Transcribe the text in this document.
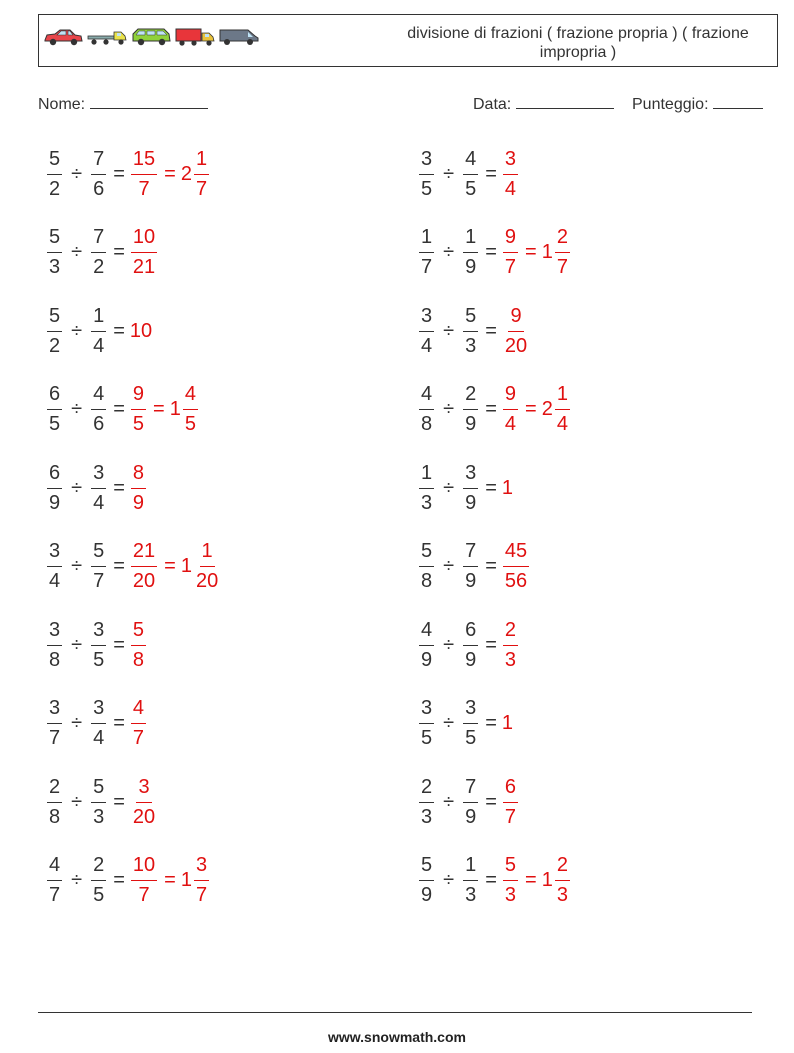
divisione di frazioni ( frazione propria ) ( frazione impropria )
Nome:	Data:	Punteggio:
$\frac{5}{2} \div \frac{7}{6} = \frac{15}{7} = 2 \frac{1}{7}$	$\frac{3}{5} \div \frac{4}{5} = \frac{3}{4}$
$\frac{5}{3} \div \frac{7}{2} = \frac{10}{21}$	$\frac{1}{7} \div \frac{1}{9} = \frac{9}{7} = 1 \frac{2}{7}$
$\frac{5}{2} \div \frac{1}{4} = 10$	$\frac{3}{4} \div \frac{5}{3} = \frac{9}{20}$
$\frac{6}{5} \div \frac{4}{6} = \frac{9}{5} = 1 \frac{4}{5}$	$\frac{4}{8} \div \frac{2}{9} = \frac{9}{4} = 2 \frac{1}{4}$
$\frac{6}{9} \div \frac{3}{4} = \frac{8}{9}$	$\frac{1}{3} \div \frac{3}{9} = 1$
$\frac{3}{4} \div \frac{5}{7} = \frac{21}{20} = 1 \frac{1}{20}$	$\frac{5}{8} \div \frac{7}{9} = \frac{45}{56}$
$\frac{3}{8} \div \frac{3}{5} = \frac{5}{8}$	$\frac{4}{9} \div \frac{6}{9} = \frac{2}{3}$
$\frac{3}{7} \div \frac{3}{4} = \frac{4}{7}$	$\frac{3}{5} \div \frac{3}{5} = 1$
$\frac{2}{8} \div \frac{5}{3} = \frac{3}{20}$	$\frac{2}{3} \div \frac{7}{9} = \frac{6}{7}$
$\frac{4}{7} \div \frac{2}{5} = \frac{10}{7} = 1 \frac{3}{7}$	$\frac{5}{9} \div \frac{1}{3} = \frac{5}{3} = 1 \frac{2}{3}$
www.snowmath.com
